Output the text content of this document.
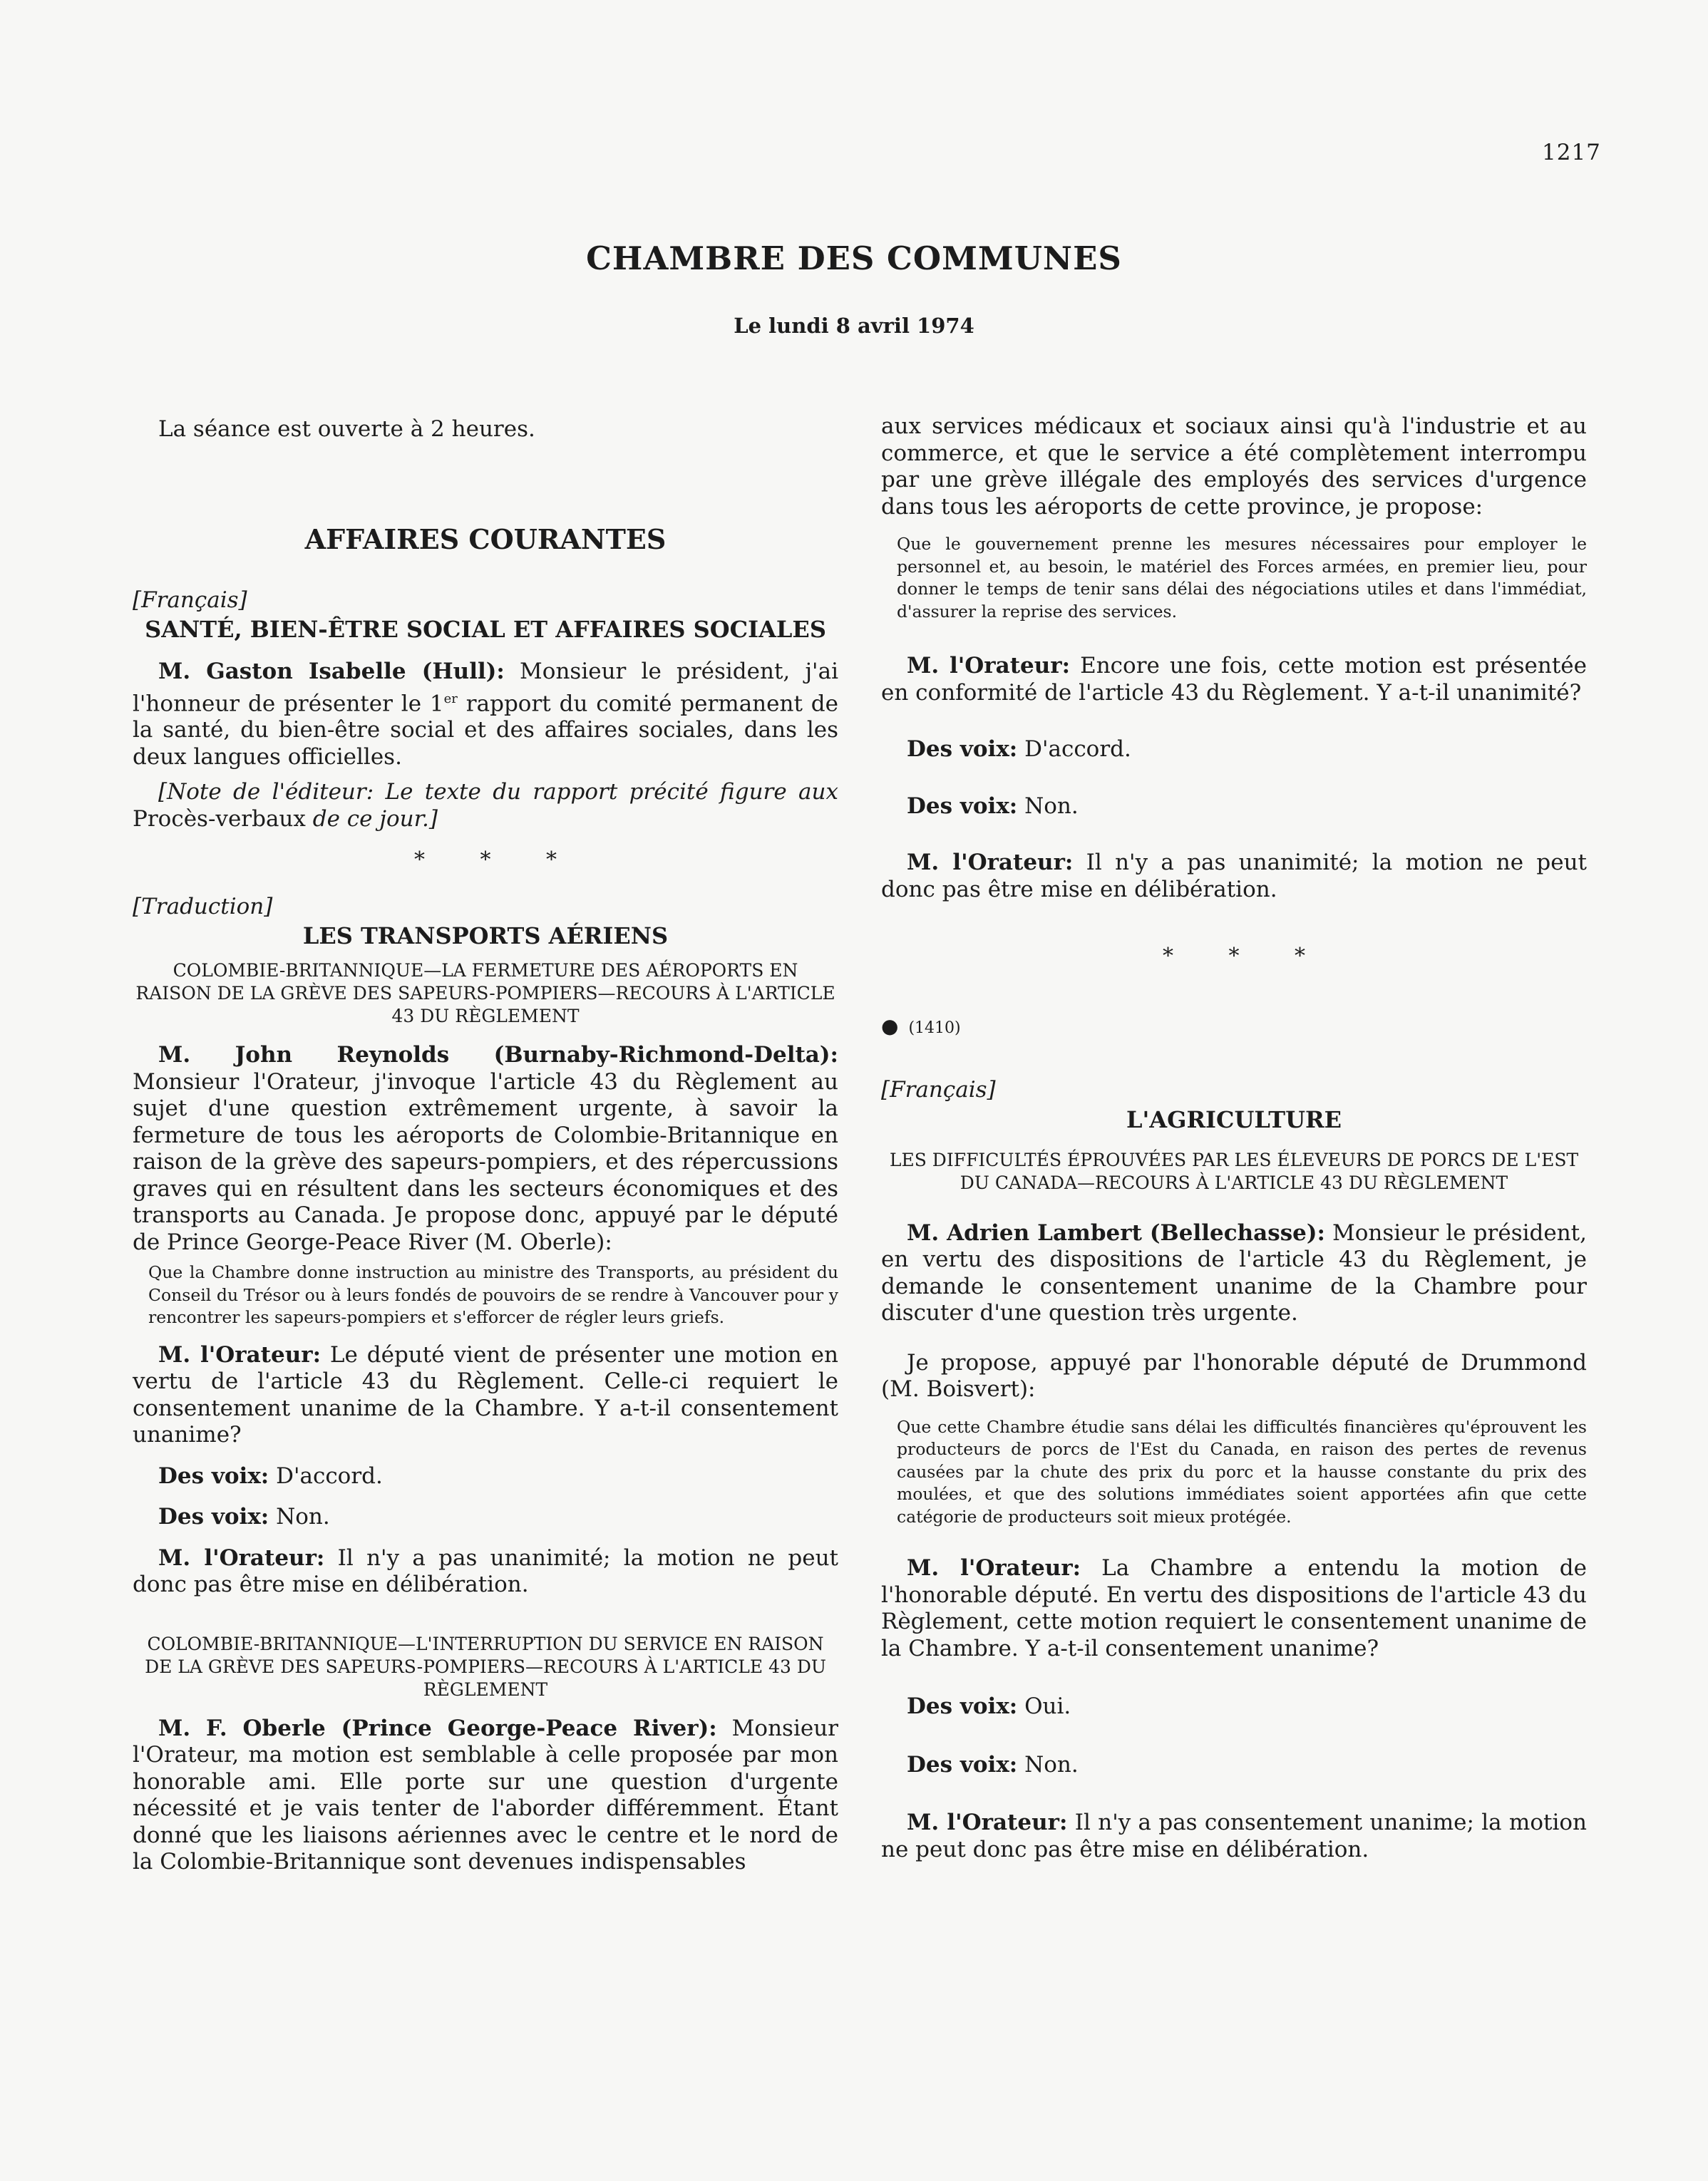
1217
CHAMBRE DES COMMUNES
Le lundi 8 avril 1974

La séance est ouverte à 2 heures.

AFFAIRES COURANTES

[Français]

SANTÉ, BIEN-ÊTRE SOCIAL ET AFFAIRES SOCIALES

M. Gaston Isabelle (Hull): Monsieur le président, j'ai l'honneur de présenter le 1er rapport du comité permanent de la santé, du bien-être social et des affaires sociales, dans les deux langues officielles.

[Note de l'éditeur: Le texte du rapport précité figure aux Procès-verbaux de ce jour.]

* * *

[Traduction]

LES TRANSPORTS AÉRIENS
COLOMBIE-BRITANNIQUE—LA FERMETURE DES AÉROPORTS EN RAISON DE LA GRÈVE DES SAPEURS-POMPIERS—RECOURS À L'ARTICLE 43 DU RÈGLEMENT

M. John Reynolds (Burnaby-Richmond-Delta): Monsieur l'Orateur, j'invoque l'article 43 du Règlement au sujet d'une question extrêmement urgente, à savoir la fermeture de tous les aéroports de Colombie-Britannique en raison de la grève des sapeurs-pompiers, et des répercussions graves qui en résultent dans les secteurs économiques et des transports au Canada. Je propose donc, appuyé par le député de Prince George-Peace River (M. Oberle):

Que la Chambre donne instruction au ministre des Transports, au président du Conseil du Trésor ou à leurs fondés de pouvoirs de se rendre à Vancouver pour y rencontrer les sapeurs-pompiers et s'efforcer de régler leurs griefs.

M. l'Orateur: Le député vient de présenter une motion en vertu de l'article 43 du Règlement. Celle-ci requiert le consentement unanime de la Chambre. Y a-t-il consentement unanime?

Des voix: D'accord.

Des voix: Non.

M. l'Orateur: Il n'y a pas unanimité; la motion ne peut donc pas être mise en délibération.

COLOMBIE-BRITANNIQUE—L'INTERRUPTION DU SERVICE EN RAISON DE LA GRÈVE DES SAPEURS-POMPIERS—RECOURS À L'ARTICLE 43 DU RÈGLEMENT

M. F. Oberle (Prince George-Peace River): Monsieur l'Orateur, ma motion est semblable à celle proposée par mon honorable ami. Elle porte sur une question d'urgente nécessité et je vais tenter de l'aborder différemment. Étant donné que les liaisons aériennes avec le centre et le nord de la Colombie-Britannique sont devenues indispensables

aux services médicaux et sociaux ainsi qu'à l'industrie et au commerce, et que le service a été complètement interrompu par une grève illégale des employés des services d'urgence dans tous les aéroports de cette province, je propose:

Que le gouvernement prenne les mesures nécessaires pour employer le personnel et, au besoin, le matériel des Forces armées, en premier lieu, pour donner le temps de tenir sans délai des négociations utiles et dans l'immédiat, d'assurer la reprise des services.

M. l'Orateur: Encore une fois, cette motion est présentée en conformité de l'article 43 du Règlement. Y a-t-il unanimité?

Des voix: D'accord.

Des voix: Non.

M. l'Orateur: Il n'y a pas unanimité; la motion ne peut donc pas être mise en délibération.

* * *

● (1410)

[Français]

L'AGRICULTURE
LES DIFFICULTÉS ÉPROUVÉES PAR LES ÉLEVEURS DE PORCS DE L'EST DU CANADA—RECOURS À L'ARTICLE 43 DU RÈGLEMENT

M. Adrien Lambert (Bellechasse): Monsieur le président, en vertu des dispositions de l'article 43 du Règlement, je demande le consentement unanime de la Chambre pour discuter d'une question très urgente.

Je propose, appuyé par l'honorable député de Drummond (M. Boisvert):

Que cette Chambre étudie sans délai les difficultés financières qu'éprouvent les producteurs de porcs de l'Est du Canada, en raison des pertes de revenus causées par la chute des prix du porc et la hausse constante du prix des moulées, et que des solutions immédiates soient apportées afin que cette catégorie de producteurs soit mieux protégée.

M. l'Orateur: La Chambre a entendu la motion de l'honorable député. En vertu des dispositions de l'article 43 du Règlement, cette motion requiert le consentement unanime de la Chambre. Y a-t-il consentement unanime?

Des voix: Oui.

Des voix: Non.

M. l'Orateur: Il n'y a pas consentement unanime; la motion ne peut donc pas être mise en délibération.
